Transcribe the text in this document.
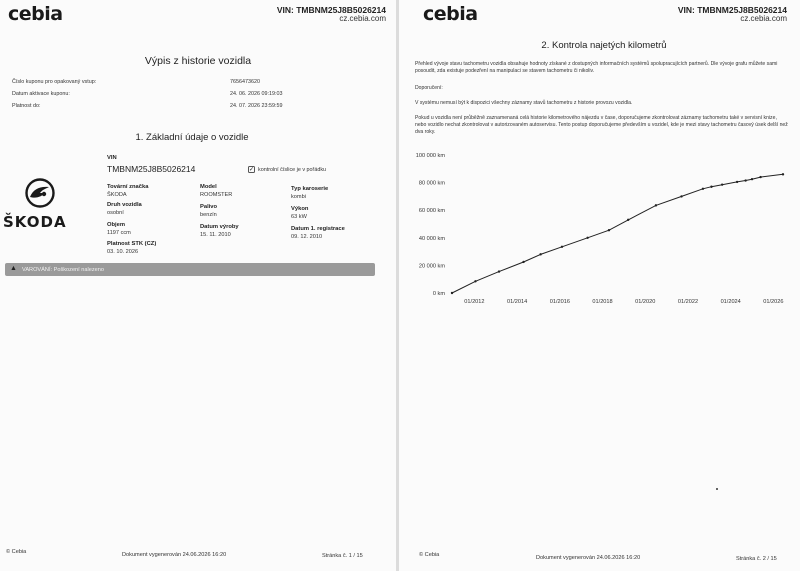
cebia	VIN: TMBNM25J8B5026214
cz.cebia.com
Výpis z historie vozidla
Číslo kuponu pro opakovaný vstup:	7656473620
Datum aktivace kuponu:	24. 06. 2026 09:19:03
Platnost do:	24. 07. 2026 23:59:59
1. Základní údaje o vozidle
VIN
TMBNM25J8B5026214	✓ kontrolní číslice je v pořádku
ŠKODA
Tovární značka
ŠKODA
Model
ROOMSTER
Typ karoserie
kombi
Druh vozidla
osobní
Palivo
benzín
Výkon
63 kW
Objem
1197 ccm
Datum výroby
15. 11. 2010
Datum 1. registrace
09. 12. 2010
Platnost STK (CZ)
03. 10. 2026
▲ VAROVÁNÍ: Poškození nalezeno
© Cebia	Dokument vygenerován 24.06.2026 16:20	Stránka č. 1 / 15
cebia	VIN: TMBNM25J8B5026214
cz.cebia.com
2. Kontrola najetých kilometrů
Přehled vývoje stavu tachometru vozidla obsahuje hodnoty získané z dostupných informačních systémů spolupracujících partnerů. Dle vývoje grafu můžete sami posoudit, zda existuje podezření na manipulaci se stavem tachometru či nikoliv.
Doporučení:
V systému nemusí být k dispozici všechny záznamy stavů tachometru z historie provozu vozidla.
Pokud u vozidla není průběžně zaznamenaná celá historie kilometrového nájezdu v čase, doporučujeme zkontrolovat záznamy tachometru také v servisní knize, nebo vozidlo nechat zkontrolovat v autorizovaném autoservisu. Tento postup doporučujeme především u vozidel, kde je mezi stavy tachometru časový úsek delší než dva roky.
© Cebia	Dokument vygenerován 24.06.2026 16:20	Stránka č. 2 / 15
0 km
20 000 km
40 000 km
60 000 km
80 000 km
100 000 km
01/2012	01/2014	01/2016	01/2018	01/2020	01/2022	01/2024	01/2026
